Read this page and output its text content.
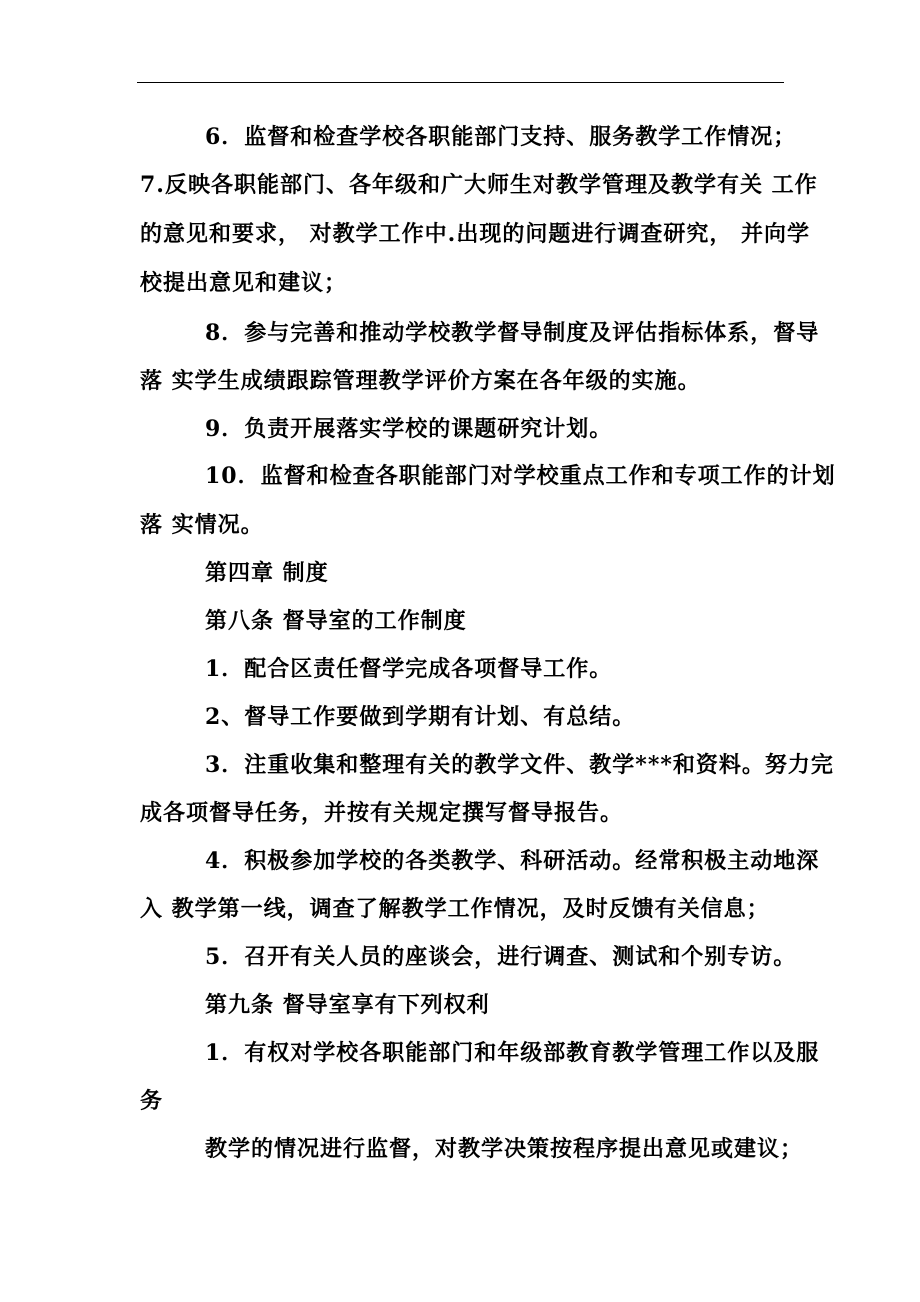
6．监督和检查学校各职能部门支持、服务教学工作情况；
7.反映各职能部门、各年级和广大师生对教学管理及教学有关 工作
的意见和要求， 对教学工作中.出现的问题进行调查研究， 并向学
校提出意见和建议；
8．参与完善和推动学校教学督导制度及评估指标体系，督导
落 实学生成绩跟踪管理教学评价方案在各年级的实施。
9．负责开展落实学校的课题研究计划。
10．监督和检查各职能部门对学校重点工作和专项工作的计划
落 实情况。
第四章 制度
第八条 督导室的工作制度
1．配合区责任督学完成各项督导工作。
2、督导工作要做到学期有计划、有总结。
3．注重收集和整理有关的教学文件、教学***和资料。努力完
成各项督导任务，并按有关规定撰写督导报告。
4．积极参加学校的各类教学、科研活动。经常积极主动地深
入 教学第一线，调查了解教学工作情况，及时反馈有关信息；
5．召开有关人员的座谈会，进行调查、测试和个别专访。
第九条 督导室享有下列权利
1．有权对学校各职能部门和年级部教育教学管理工作以及服
务
教学的情况进行监督，对教学决策按程序提出意见或建议；
